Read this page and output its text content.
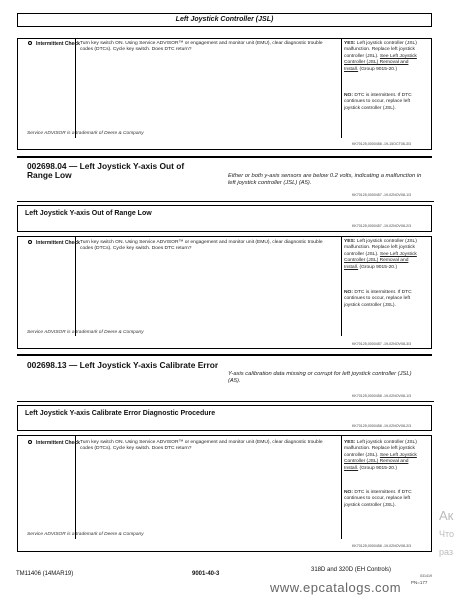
Left Joystick Controller (JSL)
Intermittent Check Turn key switch ON. Using Service ADVISOR™ or engagement and monitor unit (EMU), clear diagnostic trouble codes (DTCs). Cycle key switch. Does DTC return?
YES: Left joystick controller (JSL) malfunction. Replace left joystick controller (JSL). See Left Joystick Controller (JSL) Removal and Install. (Group 9015-20.)
NO: DTC is intermittent. If DTC continues to occur, replace left joystick controller (JSL).
Service ADVISOR is a trademark of Deere & Company
KK70125,0000458 -19-15OCT08-3/3
002698.04 — Left Joystick Y-axis Out of Range Low	Either or both y-axis sensors are below 0.2 volts, indicating a malfunction in left joystick controller (JSL) (A5).
KK70125,0000457 -19-02NOV08-1/3
Left Joystick Y-axis Out of Range Low
KK70125,0000457 -19-02NOV08-2/3
Intermittent Check Turn key switch ON. Using Service ADVISOR™ or engagement and monitor unit (EMU), clear diagnostic trouble codes (DTCs). Cycle key switch. Does DTC return?
YES: Left joystick controller (JSL) malfunction. Replace left joystick controller (JSL). See Left Joystick Controller (JSL) Removal and Install. (Group 9015-20.)
NO: DTC is intermittent. If DTC continues to occur, replace left joystick controller (JSL).
Service ADVISOR is a trademark of Deere & Company
KK70125,0000457 -19-02NOV08-3/3
002698.13 — Left Joystick Y-axis Calibrate Error
Y-axis calibration data missing or corrupt for left joystick controller (JSL) (A5).
KK70125,0000458 -19-02NOV08-1/3
Left Joystick Y-axis Calibrate Error Diagnostic Procedure
KK70125,0000458 -19-02NOV08-2/3
Intermittent Check Turn key switch ON. Using Service ADVISOR™ or engagement and monitor unit (EMU), clear diagnostic trouble codes (DTCs). Cycle key switch. Does DTC return?
YES: Left joystick controller (JSL) malfunction. Replace left joystick controller (JSL). See Left Joystick Controller (JSL) Removal and Install. (Group 9015-20.)
NO: DTC is intermittent. If DTC continues to occur, replace left joystick controller (JSL).
Service ADVISOR is a trademark of Deere & Company
KK70125,0000458 -19-02NOV08-3/3
TM11406 (14MAR19)	9001-40-3
318D and 320D (EH Controls)
031419
PN=177
www.epcatalogs.com
Ак
Что
раз
